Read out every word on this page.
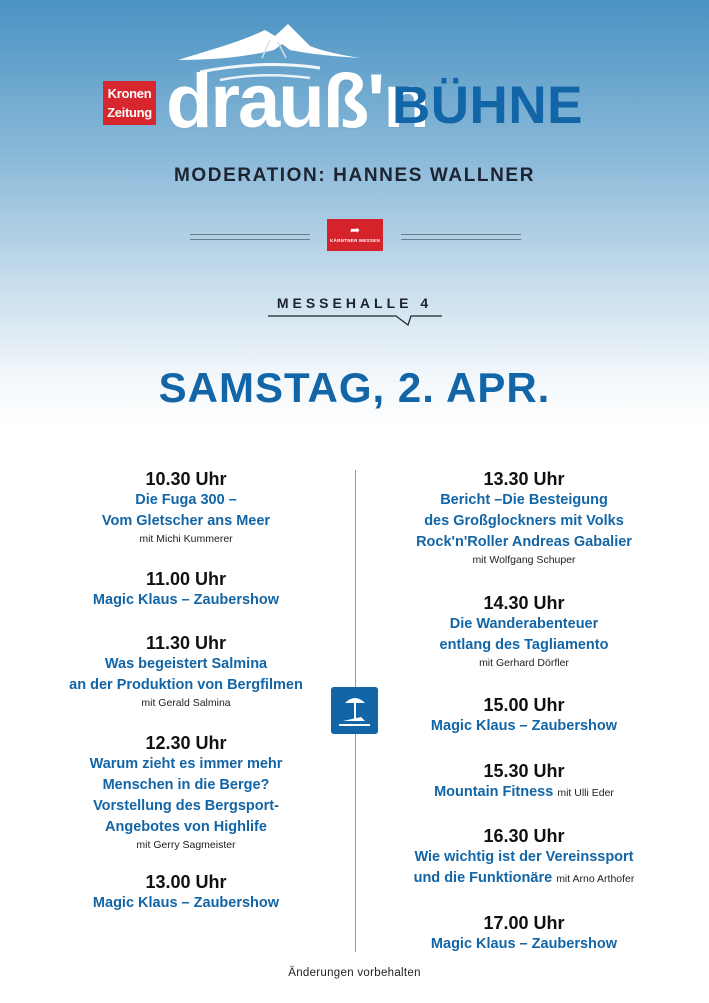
Kronen
Zeitung drauß'n
BÜHNE
MODERATION: HANNES WALLNER
➦
KÄRNTNER MESSEN
MESSEHALLE 4
SAMSTAG, 2. APR.
10.30 Uhr
Die Fuga 300 –
Vom Gletscher ans Meer
mit Michi Kummerer
11.00 Uhr
Magic Klaus – Zaubershow
11.30 Uhr
Was begeistert Salmina
an der Produktion von Bergfilmen
mit Gerald Salmina
12.30 Uhr
Warum zieht es immer mehr
Menschen in die Berge?
Vorstellung des Bergsport-
Angebotes von Highlife
mit Gerry Sagmeister
13.00 Uhr
Magic Klaus – Zaubershow
13.30 Uhr
Bericht –Die Besteigung
des Großglockners mit Volks
Rock'n'Roller Andreas Gabalier
mit Wolfgang Schuper
14.30 Uhr
Die Wanderabenteuer
entlang des Tagliamento
mit Gerhard Dörfler
15.00 Uhr
Magic Klaus – Zaubershow
15.30 Uhr
Mountain Fitness mit Ulli Eder
16.30 Uhr
Wie wichtig ist der Vereinssport
und die Funktionäre mit Arno Arthofer
17.00 Uhr
Magic Klaus – Zaubershow
Änderungen vorbehalten
